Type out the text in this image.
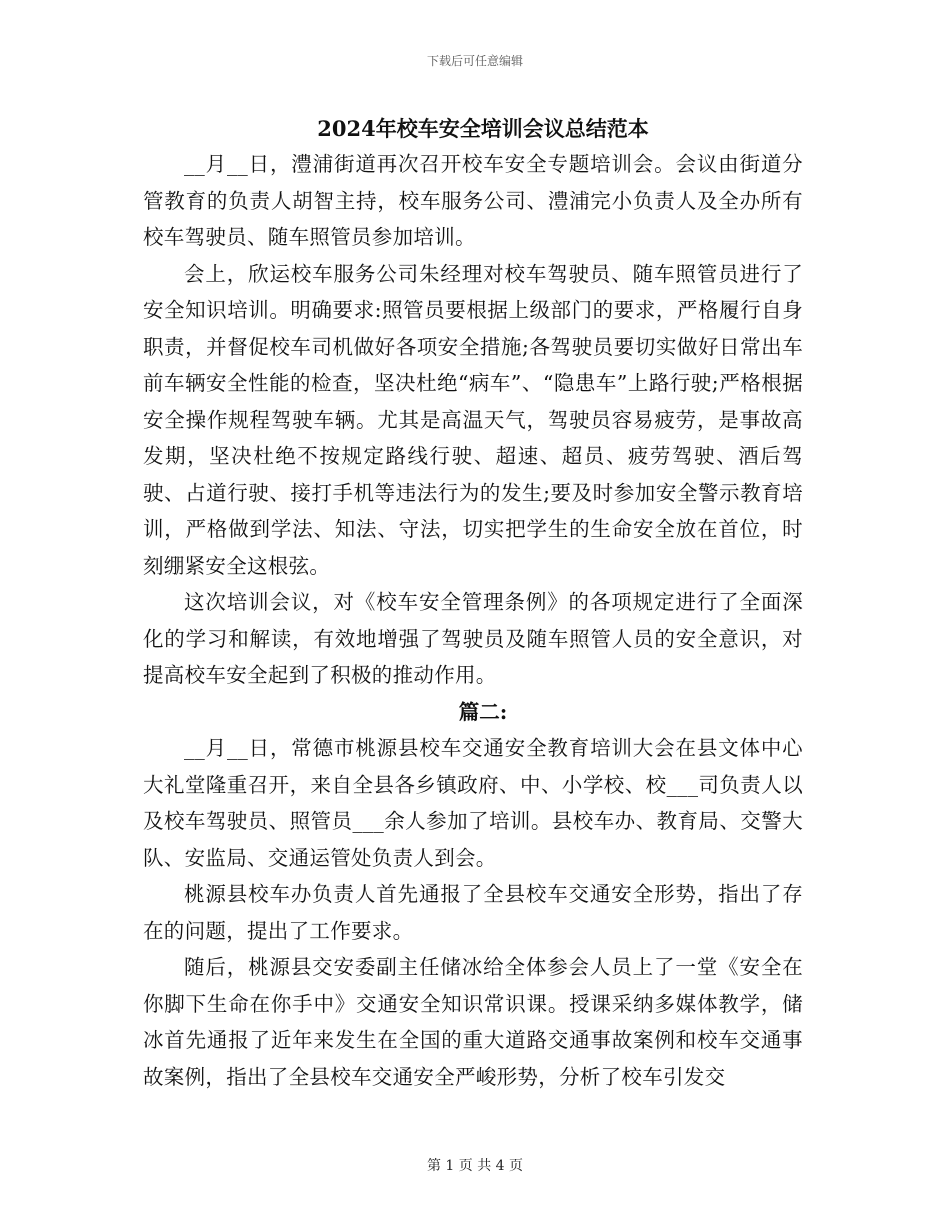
下载后可任意编辑
2024年校车安全培训会议总结范本

__月__日，澧浦街道再次召开校车安全专题培训会。会议由街道分管教育的负责人胡智主持，校车服务公司、澧浦完小负责人及全办所有校车驾驶员、随车照管员参加培训。

会上，欣运校车服务公司朱经理对校车驾驶员、随车照管员进行了安全知识培训。明确要求:照管员要根据上级部门的要求，严格履行自身职责，并督促校车司机做好各项安全措施;各驾驶员要切实做好日常出车前车辆安全性能的检查，坚决杜绝“病车”、“隐患车”上路行驶;严格根据安全操作规程驾驶车辆。尤其是高温天气，驾驶员容易疲劳，是事故高发期，坚决杜绝不按规定路线行驶、超速、超员、疲劳驾驶、酒后驾驶、占道行驶、接打手机等违法行为的发生;要及时参加安全警示教育培训，严格做到学法、知法、守法，切实把学生的生命安全放在首位，时刻绷紧安全这根弦。

这次培训会议，对《校车安全管理条例》的各项规定进行了全面深化的学习和解读，有效地增强了驾驶员及随车照管人员的安全意识，对提高校车安全起到了积极的推动作用。

篇二:

__月__日，常德市桃源县校车交通安全教育培训大会在县文体中心大礼堂隆重召开，来自全县各乡镇政府、中、小学校、校___司负责人以及校车驾驶员、照管员___余人参加了培训。县校车办、教育局、交警大队、安监局、交通运管处负责人到会。

桃源县校车办负责人首先通报了全县校车交通安全形势，指出了存在的问题，提出了工作要求。

随后，桃源县交安委副主任储冰给全体参会人员上了一堂《安全在你脚下生命在你手中》交通安全知识常识课。授课采纳多媒体教学，储冰首先通报了近年来发生在全国的重大道路交通事故案例和校车交通事故案例，指出了全县校车交通安全严峻形势，分析了校车引发交

第 1 页 共 4 页
